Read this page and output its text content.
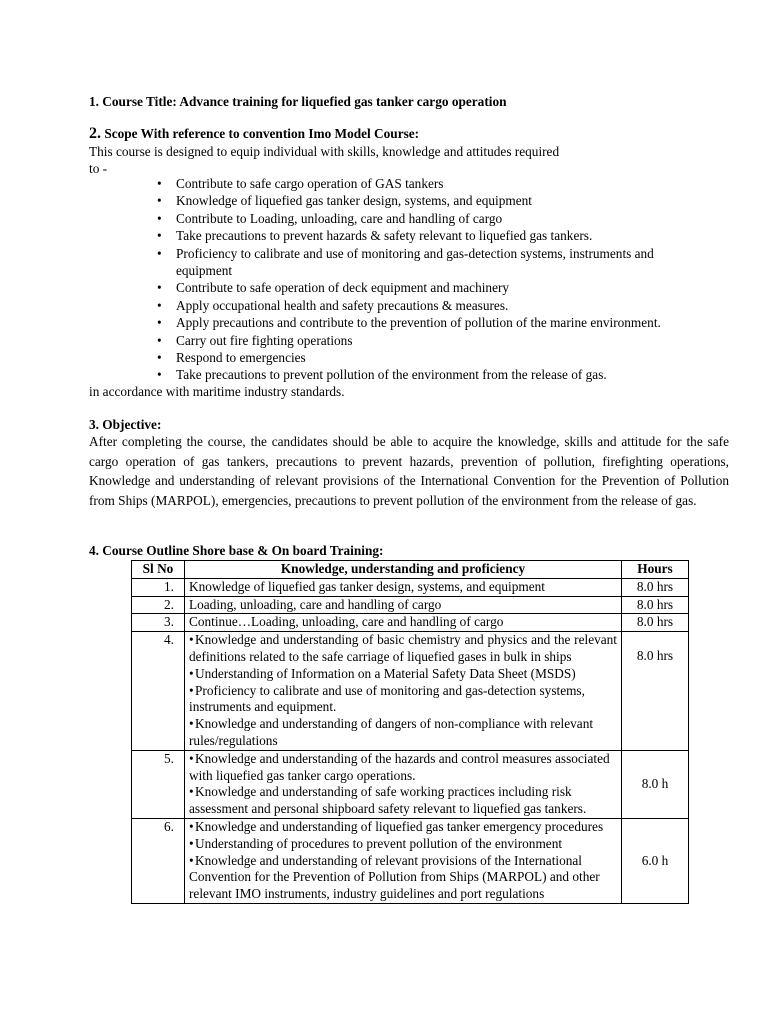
1. Course Title: Advance training for liquefied gas tanker cargo operation
2. Scope With reference to convention Imo Model Course:
This course is designed to equip individual with skills, knowledge and attitudes required
to -
• Contribute to safe cargo operation of GAS tankers
• Knowledge of liquefied gas tanker design, systems, and equipment
• Contribute to Loading, unloading, care and handling of cargo
• Take precautions to prevent hazards & safety relevant to liquefied gas tankers.
• Proficiency to calibrate and use of monitoring and gas-detection systems, instruments and equipment
• Contribute to safe operation of deck equipment and machinery
• Apply occupational health and safety precautions & measures.
• Apply precautions and contribute to the prevention of pollution of the marine environment.
• Carry out fire fighting operations
• Respond to emergencies
• Take precautions to prevent pollution of the environment from the release of gas.
in accordance with maritime industry standards.
3. Objective:
After completing the course, the candidates should be able to acquire the knowledge, skills and attitude for the safe cargo operation of gas tankers, precautions to prevent hazards, prevention of pollution, firefighting operations, Knowledge and understanding of relevant provisions of the International Convention for the Prevention of Pollution from Ships (MARPOL), emergencies, precautions to prevent pollution of the environment from the release of gas.
4. Course Outline Shore base & On board Training:
Sl No	Knowledge, understanding and proficiency	Hours
1.	Knowledge of liquefied gas tanker design, systems, and equipment	8.0 hrs
2.	Loading, unloading, care and handling of cargo	8.0 hrs
3.	Continue…Loading, unloading, care and handling of cargo	8.0 hrs
4.	•Knowledge and understanding of basic chemistry and physics and the relevant definitions related to the safe carriage of liquefied gases in bulk in ships
•Understanding of Information on a Material Safety Data Sheet (MSDS)
•Proficiency to calibrate and use of monitoring and gas-detection systems, instruments and equipment.
•Knowledge and understanding of dangers of non-compliance with relevant rules/regulations	8.0 hrs
5.	•Knowledge and understanding of the hazards and control measures associated with liquefied gas tanker cargo operations.
•Knowledge and understanding of safe working practices including risk assessment and personal shipboard safety relevant to liquefied gas tankers.	8.0 h
6.	•Knowledge and understanding of liquefied gas tanker emergency procedures
•Understanding of procedures to prevent pollution of the environment
•Knowledge and understanding of relevant provisions of the International Convention for the Prevention of Pollution from Ships (MARPOL) and other relevant IMO instruments, industry guidelines and port regulations	6.0 h
